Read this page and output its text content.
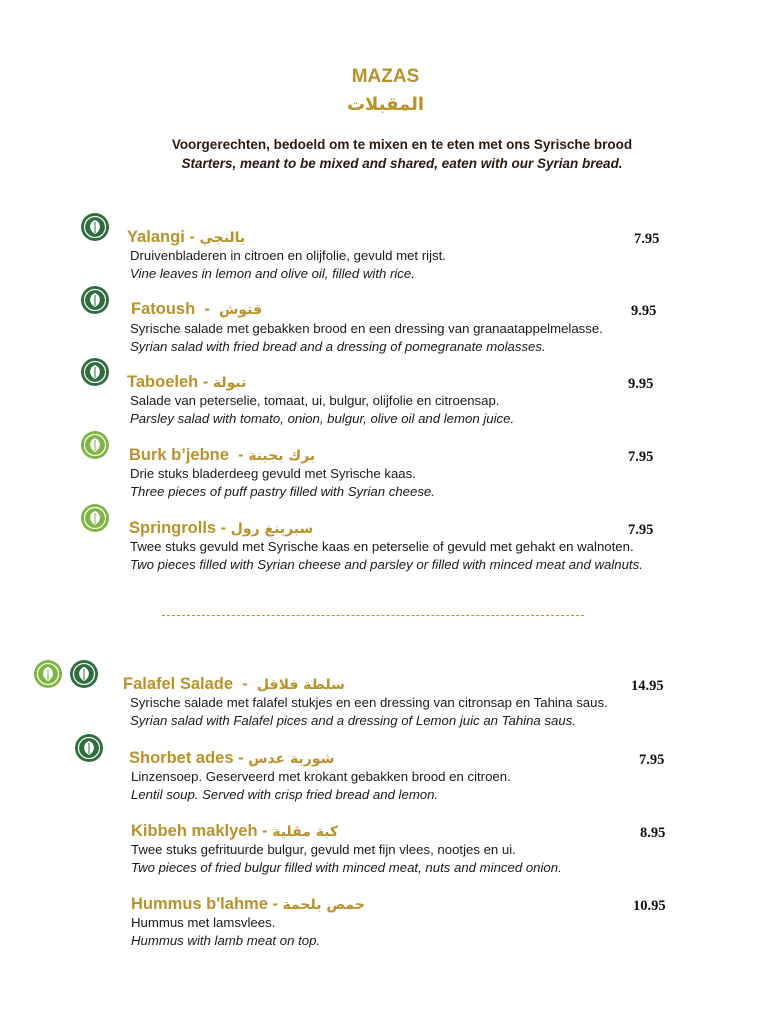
MAZAS
المقبلات
Voorgerechten, bedoeld om te mixen en te eten met ons Syrische brood
Starters, meant to be mixed and shared, eaten with our Syrian bread.
Yalangi - يالنجي
Druivenbladeren in citroen en olijfolie, gevuld met rijst.
Vine leaves in lemon and olive oil, filled with rice.
7.95
Fatoush  -  فتوش
Syrische salade met gebakken brood en een dressing van granaatappelmelasse.
Syrian salad with fried bread and a dressing of pomegranate molasses.
9.95
Taboeleh - تبولة
Salade van peterselie, tomaat, ui, bulgur, olijfolie en citroensap.
Parsley salad with tomato, onion, bulgur, olive oil and lemon juice.
9.95
Burk b’jebne  - برك بجبنة
Drie stuks bladerdeeg gevuld met Syrische kaas.
Three pieces of puff pastry filled with Syrian cheese.
7.95
Springrolls - سبرينغ رول
Twee stuks gevuld met Syrische kaas en peterselie of gevuld met gehakt en walnoten.
Two pieces filled with Syrian cheese and parsley or filled with minced meat and walnuts.
7.95
Falafel Salade  -  سلطة فلافل
Syrische salade met falafel stukjes en een dressing van citronsap en Tahina saus.
Syrian salad with Falafel pices and a dressing of Lemon juic an Tahina saus.
14.95
Shorbet ades - شوربة عدس
Linzensoep. Geserveerd met krokant gebakken brood en citroen.
Lentil soup. Served with crisp fried bread and lemon.
7.95
Kibbeh maklyeh - كبة مقلية
Twee stuks gefrituurde bulgur, gevuld met fijn vlees, nootjes en ui.
Two pieces of fried bulgur filled with minced meat, nuts and minced onion.
8.95
Hummus b'lahme - حمص بلحمة
Hummus met lamsvlees.
Hummus with lamb meat on top.
10.95
